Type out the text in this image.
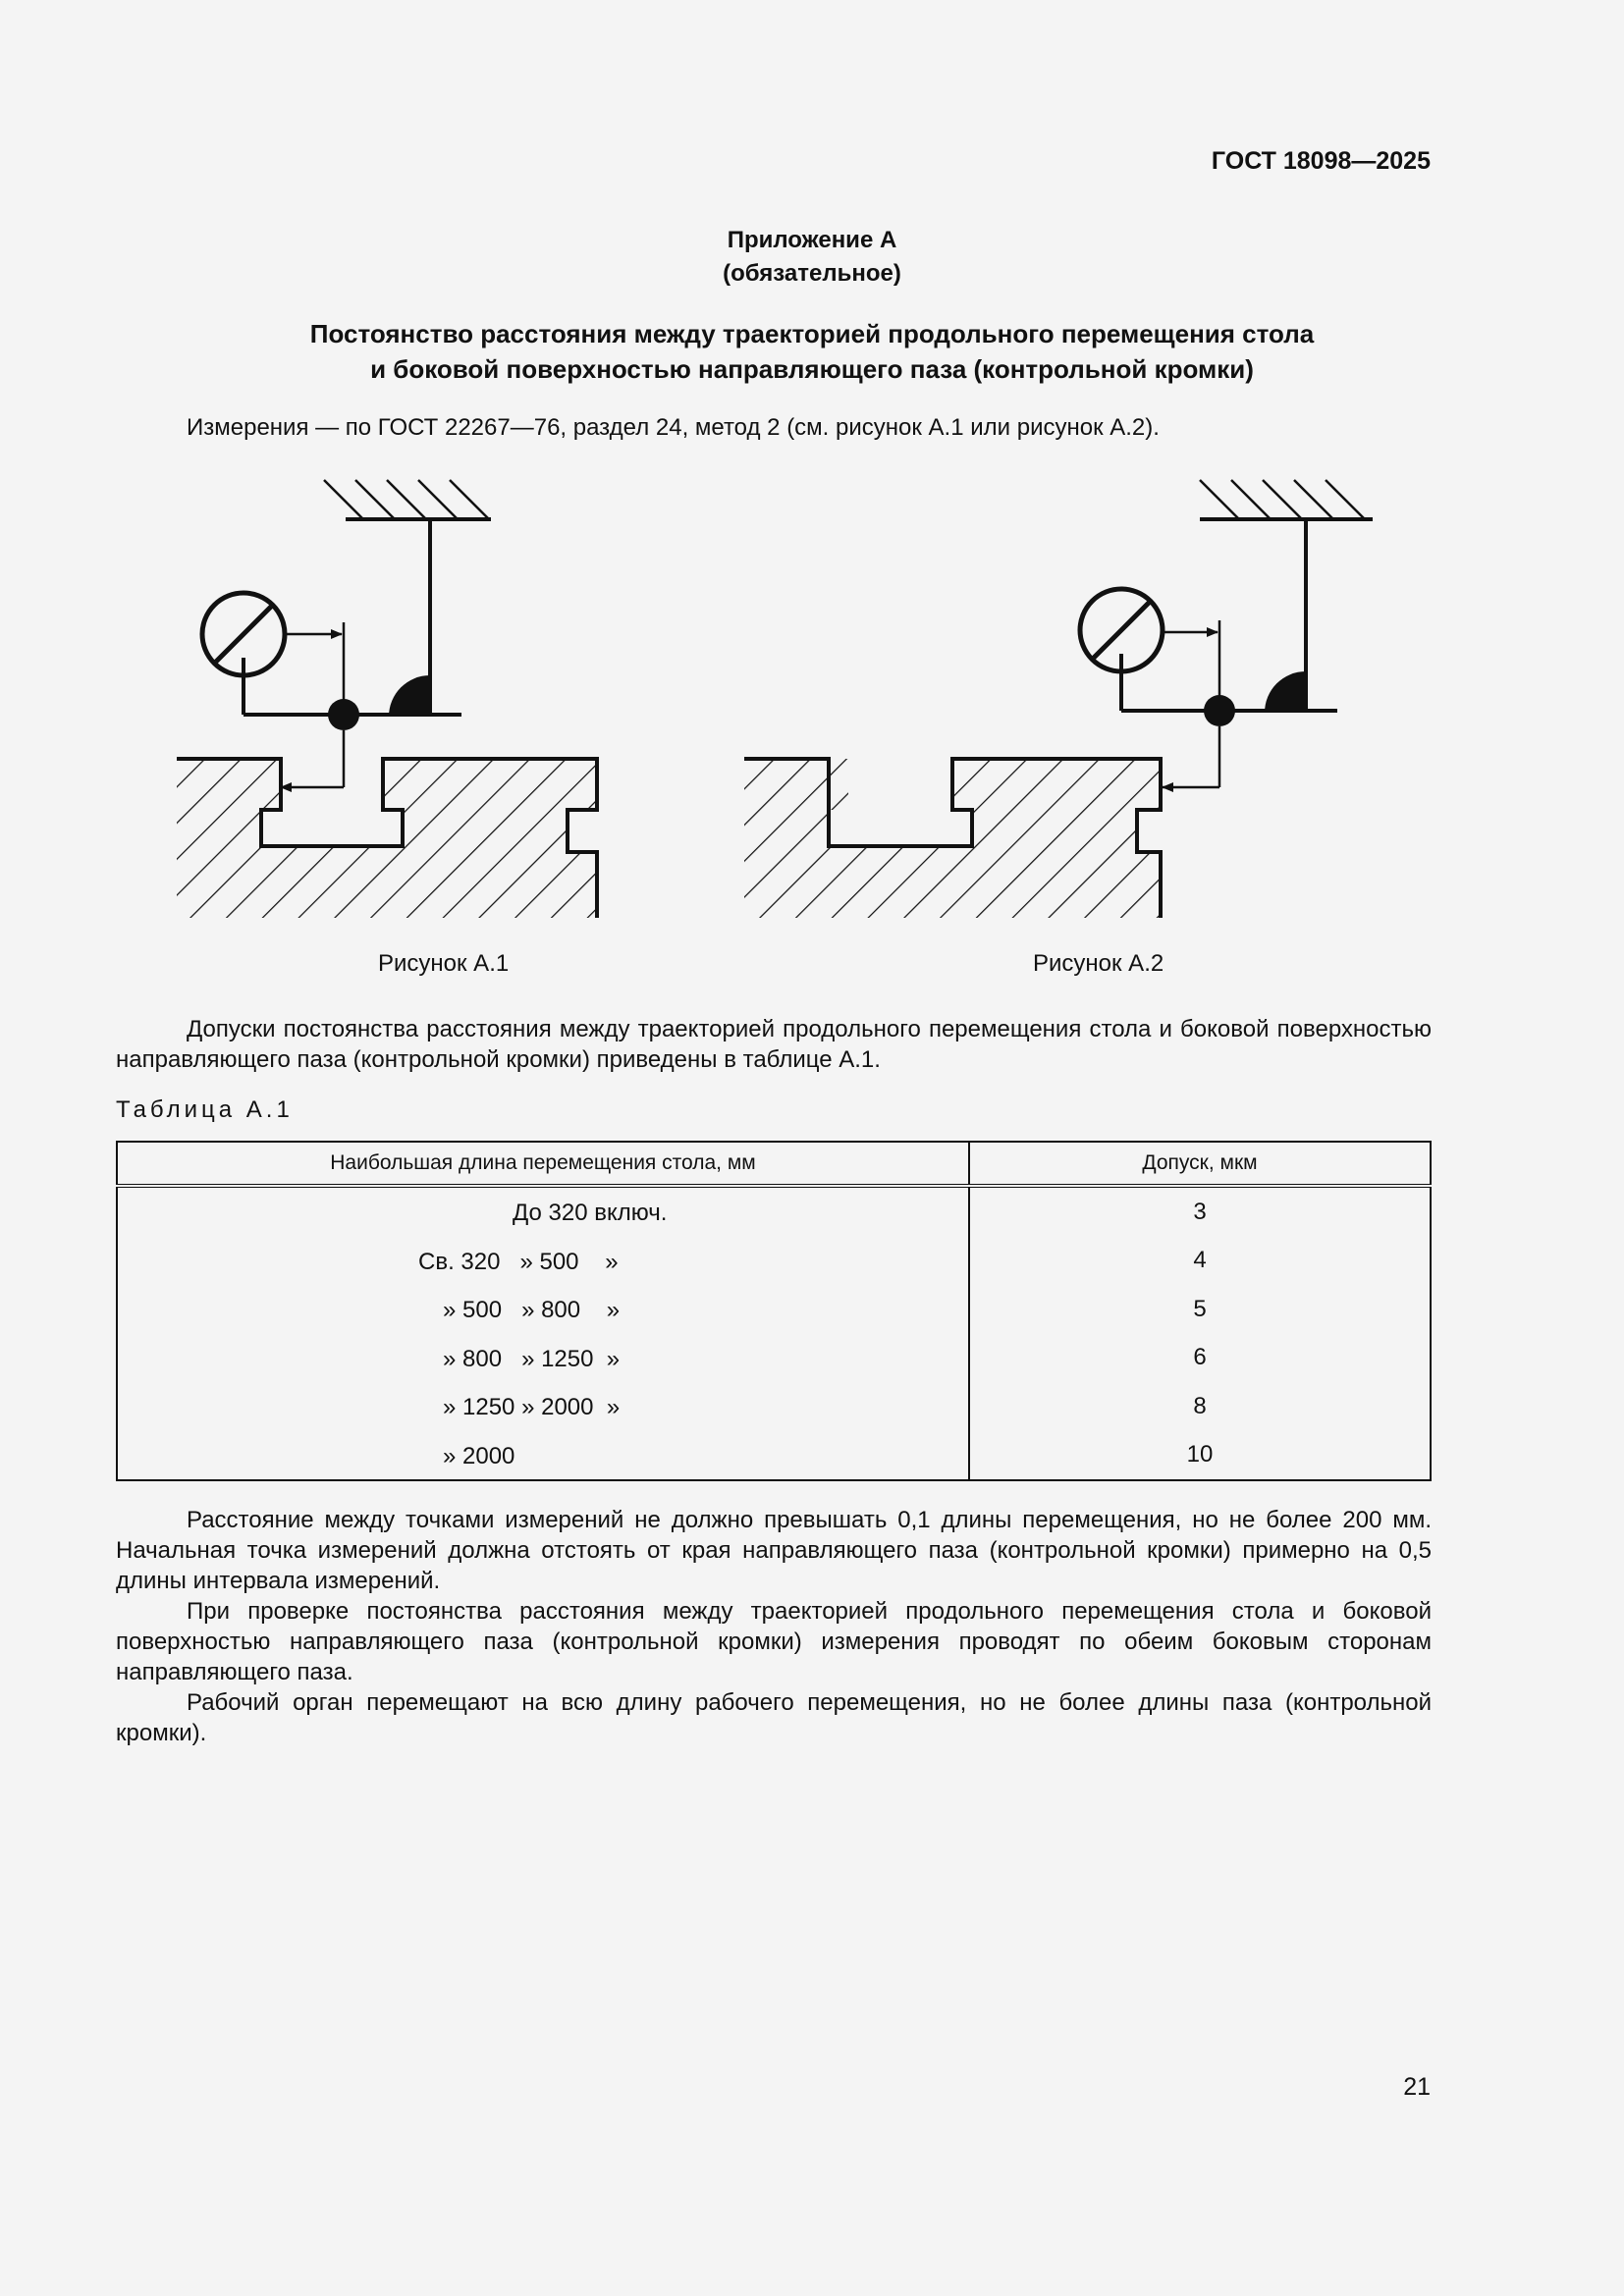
ГОСТ 18098—2025
Приложение А
(обязательное)
Постоянство расстояния между траекторией продольного перемещения стола
и боковой поверхностью направляющего паза (контрольной кромки)

Измерения — по ГОСТ 22267—76, раздел 24, метод 2 (см. рисунок А.1 или рисунок А.2).

Рисунок А.1	Рисунок А.2

Допуски постоянства расстояния между траекторией продольного перемещения стола и боковой поверхностью направляющего паза (контрольной кромки) приведены в таблице А.1.

Таблица А.1
Наибольшая длина перемещения стола, мм	Допуск, мкм

До 320 включ.	3

Св. 320   » 500    »	4

» 500   » 800    »	5

» 800   » 1250  »	6

» 1250 » 2000  »	8

» 2000	10

Расстояние между точками измерений не должно превышать 0,1 длины перемещения, но не более 200 мм. Начальная точка измерений должна отстоять от края направляющего паза (контрольной кромки) примерно на 0,5 длины интервала измерений.

При проверке постоянства расстояния между траекторией продольного перемещения стола и боковой поверхностью направляющего паза (контрольной кромки) измерения проводят по обеим боковым сторонам направляющего паза.

Рабочий орган перемещают на всю длину рабочего перемещения, но не более длины паза (контрольной кромки).

21
